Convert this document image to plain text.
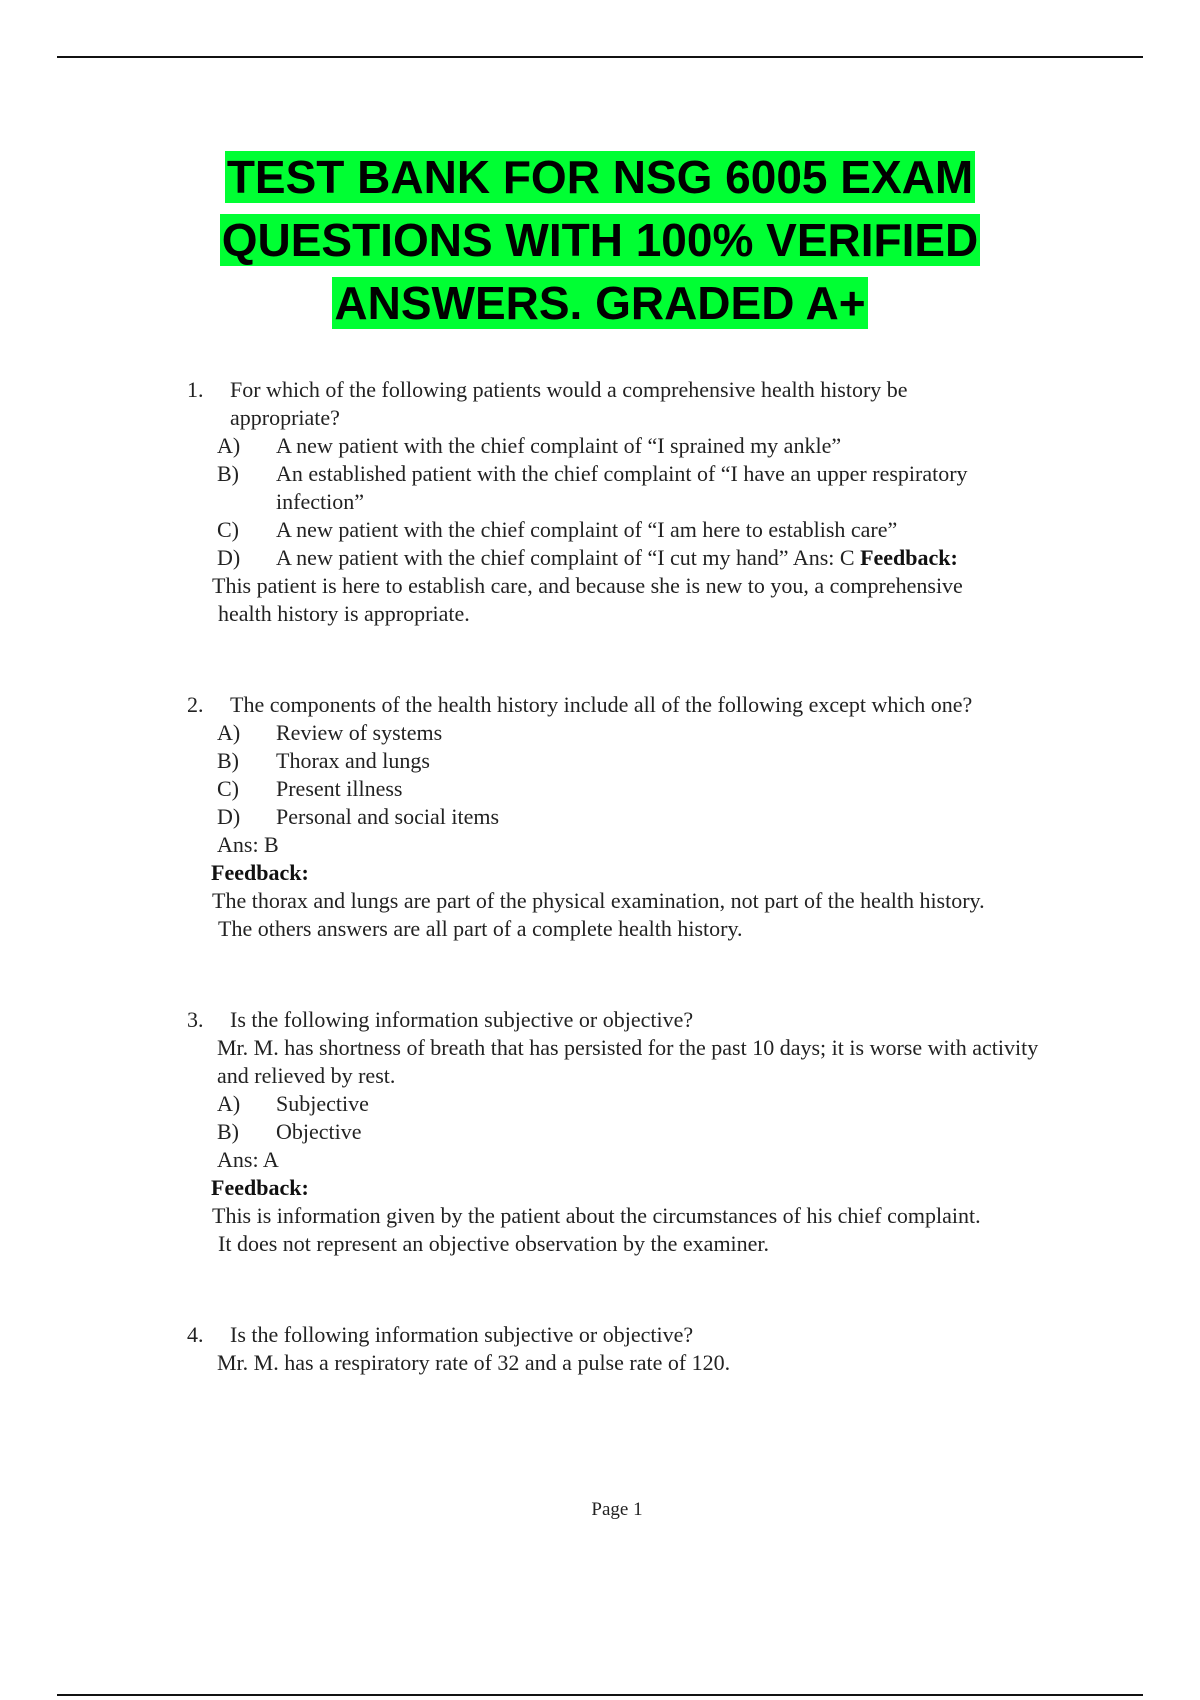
TEST BANK FOR NSG 6005 EXAM
QUESTIONS WITH 100% VERIFIED
ANSWERS. GRADED A+
1. For which of the following patients would a comprehensive health history be
appropriate?
A) A new patient with the chief complaint of “I sprained my ankle”
B) An established patient with the chief complaint of “I have an upper respiratory infection”
C) A new patient with the chief complaint of “I am here to establish care”
D) A new patient with the chief complaint of “I cut my hand” Ans: C Feedback:
This patient is here to establish care, and because she is new to you, a comprehensive
health history is appropriate.
2. The components of the health history include all of the following except which one?
A) Review of systems
B) Thorax and lungs
C) Present illness
D) Personal and social items
Ans: B
Feedback:
The thorax and lungs are part of the physical examination, not part of the health history.
The others answers are all part of a complete health history.
3. Is the following information subjective or objective?
Mr. M. has shortness of breath that has persisted for the past 10 days; it is worse with activity and relieved by rest.
A) Subjective
B) Objective
Ans: A
Feedback:
This is information given by the patient about the circumstances of his chief complaint.
It does not represent an objective observation by the examiner.
4. Is the following information subjective or objective?
Mr. M. has a respiratory rate of 32 and a pulse rate of 120.
Page 1
